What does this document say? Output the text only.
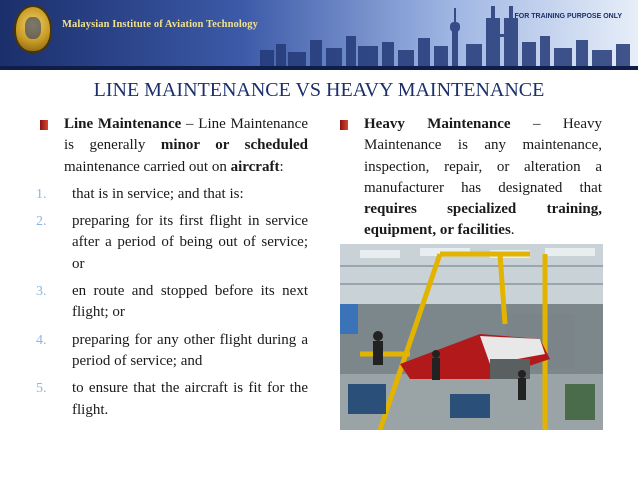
Malaysian Institute of Aviation Technology
FOR TRAINING PURPOSE ONLY
LINE MAINTENANCE VS HEAVY MAINTENANCE
Line Maintenance – Line Maintenance is generally minor or scheduled maintenance carried out on aircraft:
1. that is in service; and that is:
2. preparing for its first flight in service after a period of being out of service; or
3. en route and stopped before its next flight; or
4. preparing for any other flight during a period of service; and
5. to ensure that the aircraft is fit for the flight.
Heavy Maintenance – Heavy Maintenance is any maintenance, inspection, repair, or alteration a manufacturer has designated that requires specialized training, equipment, or facilities.
